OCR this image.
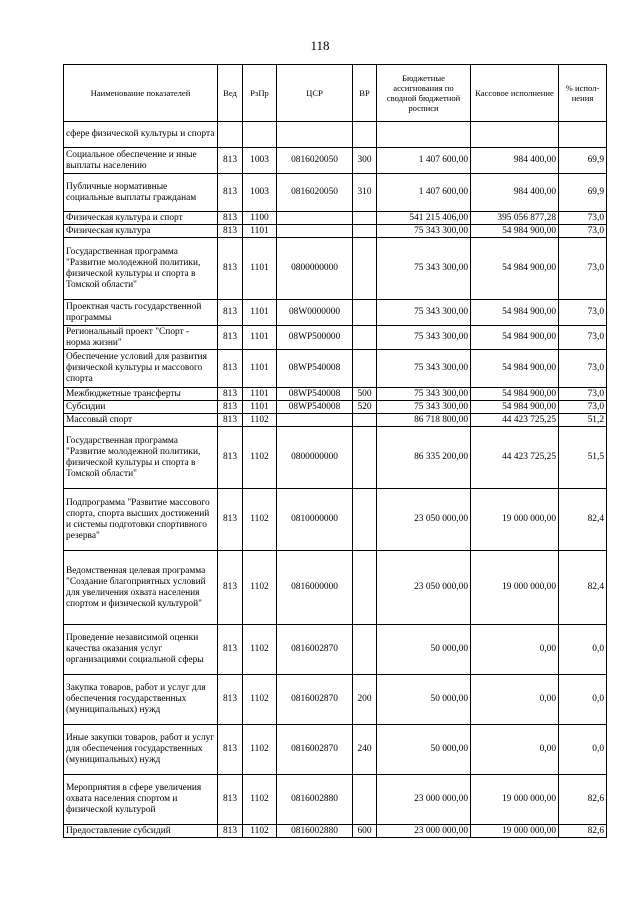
118
Наименование показателей	Вед	РзПр	ЦСР	ВР	Бюджетные ассигнования по сводной бюджетной росписи	Кассовое исполнение	% испол-нения
сфере физической культуры и спорта							
Социальное обеспечение и иные выплаты населению	813	1003	0816020050	300	1 407 600,00	984 400,00	69,9
Публичные нормативные социальные выплаты гражданам	813	1003	0816020050	310	1 407 600,00	984 400,00	69,9
Физическая культура и спорт	813	1100			541 215 406,00	395 056 877,28	73,0
Физическая культура	813	1101			75 343 300,00	54 984 900,00	73,0
Государственная программа "Развитие молодежной политики, физической культуры и спорта в Томской области"	813	1101	0800000000		75 343 300,00	54 984 900,00	73,0
Проектная часть государственной программы	813	1101	08W0000000		75 343 300,00	54 984 900,00	73,0
Региональный проект "Спорт - норма жизни"	813	1101	08WP500000		75 343 300,00	54 984 900,00	73,0
Обеспечение условий для развития физической культуры и массового спорта	813	1101	08WP540008		75 343 300,00	54 984 900,00	73,0
Межбюджетные трансферты	813	1101	08WP540008	500	75 343 300,00	54 984 900,00	73,0
Субсидии	813	1101	08WP540008	520	75 343 300,00	54 984 900,00	73,0
Массовый спорт	813	1102			86 718 800,00	44 423 725,25	51,2
Государственная программа "Развитие молодежной политики, физической культуры и спорта в Томской области"	813	1102	0800000000		86 335 200,00	44 423 725,25	51,5
Подпрограмма "Развитие массового спорта, спорта высших достижений и системы подготовки спортивного резерва"	813	1102	0810000000		23 050 000,00	19 000 000,00	82,4
Ведомственная целевая программа "Создание благоприятных условий для увеличения охвата населения спортом и физической культурой"	813	1102	0816000000		23 050 000,00	19 000 000,00	82,4
Проведение независимой оценки качества оказания услуг организациями социальной сферы	813	1102	0816002870		50 000,00	0,00	0,0
Закупка товаров, работ и услуг для обеспечения государственных (муниципальных) нужд	813	1102	0816002870	200	50 000,00	0,00	0,0
Иные закупки товаров, работ и услуг для обеспечения государственных (муниципальных) нужд	813	1102	0816002870	240	50 000,00	0,00	0,0
Мероприятия в сфере увеличения охвата населения спортом и физической культурой	813	1102	0816002880		23 000 000,00	19 000 000,00	82,6
Предоставление субсидий	813	1102	0816002880	600	23 000 000,00	19 000 000,00	82,6
